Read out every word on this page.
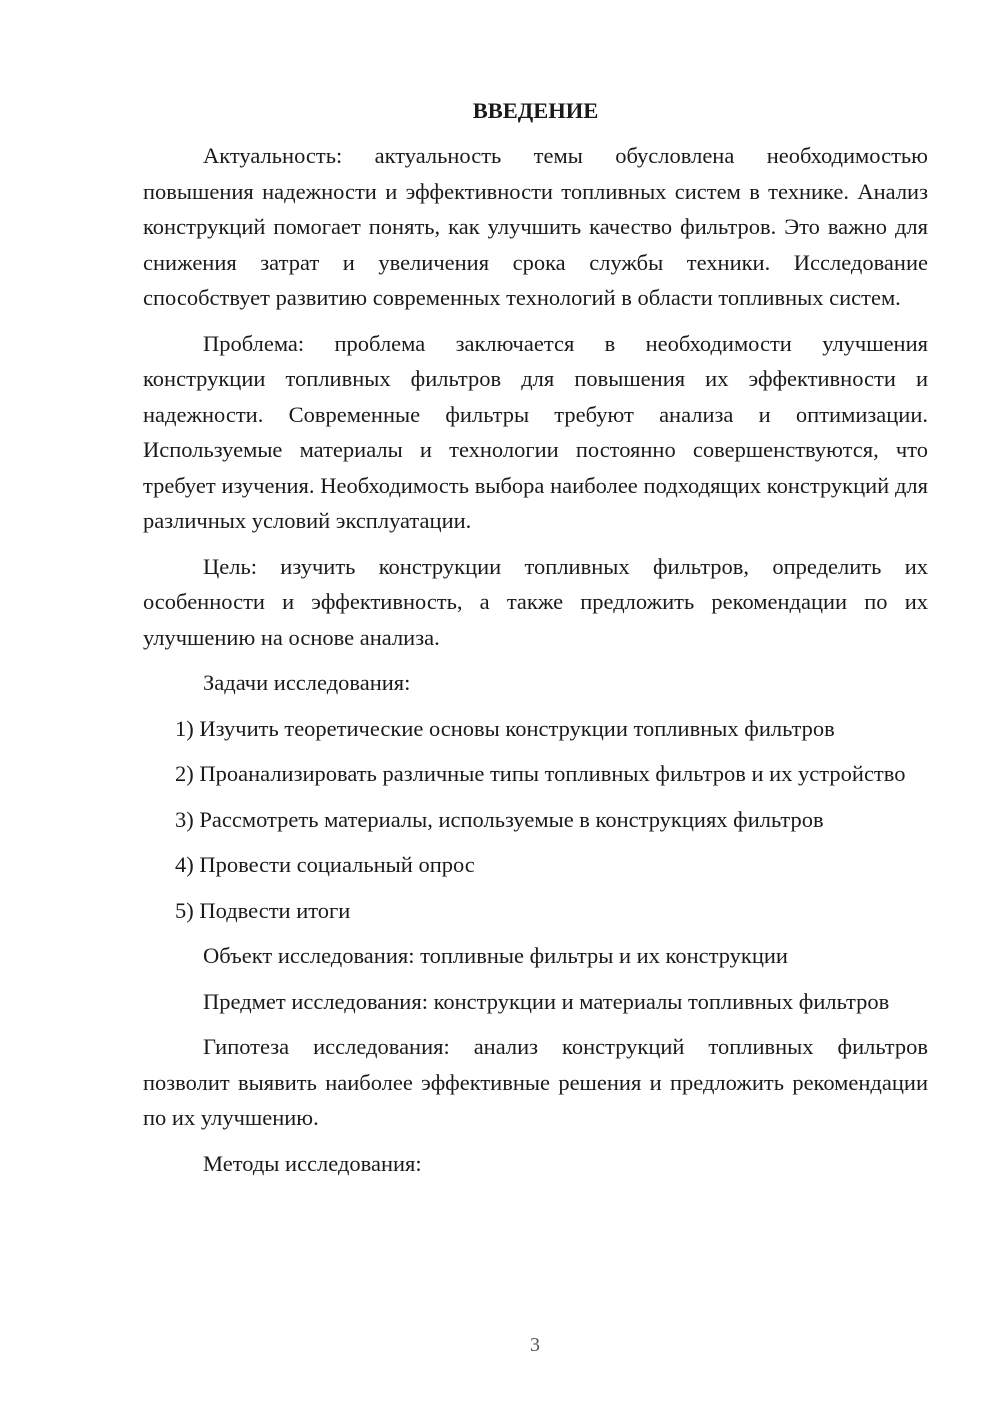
ВВЕДЕНИЕ

Актуальность: актуальность темы обусловлена необходимостью повышения надежности и эффективности топливных систем в технике. Анализ конструкций помогает понять, как улучшить качество фильтров. Это важно для снижения затрат и увеличения срока службы техники. Исследование способствует развитию современных технологий в области топливных систем.

Проблема: проблема заключается в необходимости улучшения конструкции топливных фильтров для повышения их эффективности и надежности. Современные фильтры требуют анализа и оптимизации. Используемые материалы и технологии постоянно совершенствуются, что требует изучения. Необходимость выбора наиболее подходящих конструкций для различных условий эксплуатации.

Цель: изучить конструкции топливных фильтров, определить их особенности и эффективность, а также предложить рекомендации по их улучшению на основе анализа.

Задачи исследования:

1) Изучить теоретические основы конструкции топливных фильтров

2) Проанализировать различные типы топливных фильтров и их устройство

3) Рассмотреть материалы, используемые в конструкциях фильтров

4) Провести социальный опрос

5) Подвести итоги

Объект исследования: топливные фильтры и их конструкции

Предмет исследования: конструкции и материалы топливных фильтров

Гипотеза исследования: анализ конструкций топливных фильтров позволит выявить наиболее эффективные решения и предложить рекомендации по их улучшению.

Методы исследования:

3
